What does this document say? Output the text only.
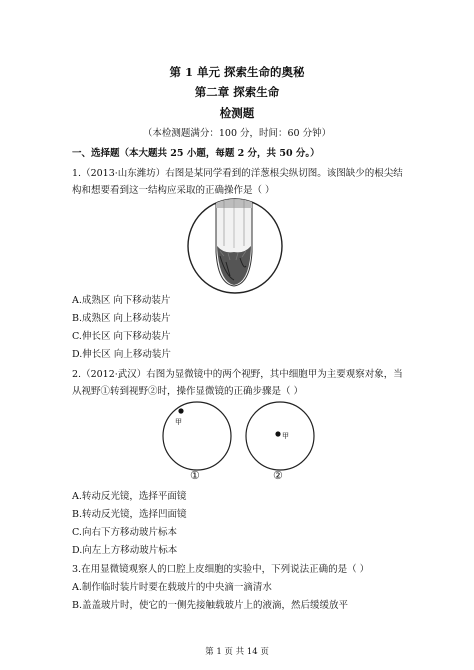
第 1 单元 探索生命的奥秘
第二章 探索生命
检测题
（本检测题满分：100 分，时间：60 分钟）
一、选择题（本大题共 25 小题，每题 2 分，共 50 分。）
1.（2013·山东潍坊）右图是某同学看到的洋葱根尖纵切图。该图缺少的根尖结
构和想要看到这一结构应采取的正确操作是（ ）
A.成熟区 向下移动装片
B.成熟区 向上移动装片
C.伸长区 向下移动装片
D.伸长区 向上移动装片
2.（2012·武汉）右图为显微镜中的两个视野，其中细胞甲为主要观察对象，当
从视野①转到视野②时，操作显微镜的正确步骤是（ ）
甲
甲
①	②
A.转动反光镜，选择平面镜
B.转动反光镜，选择凹面镜
C.向右下方移动玻片标本
D.向左上方移动玻片标本
3.在用显微镜观察人的口腔上皮细胞的实验中，下列说法正确的是（ ）
A.制作临时装片时要在载玻片的中央滴一滴清水
B.盖盖玻片时，使它的一侧先接触载玻片上的液滴，然后缓缓放平
第 1 页 共 14 页
